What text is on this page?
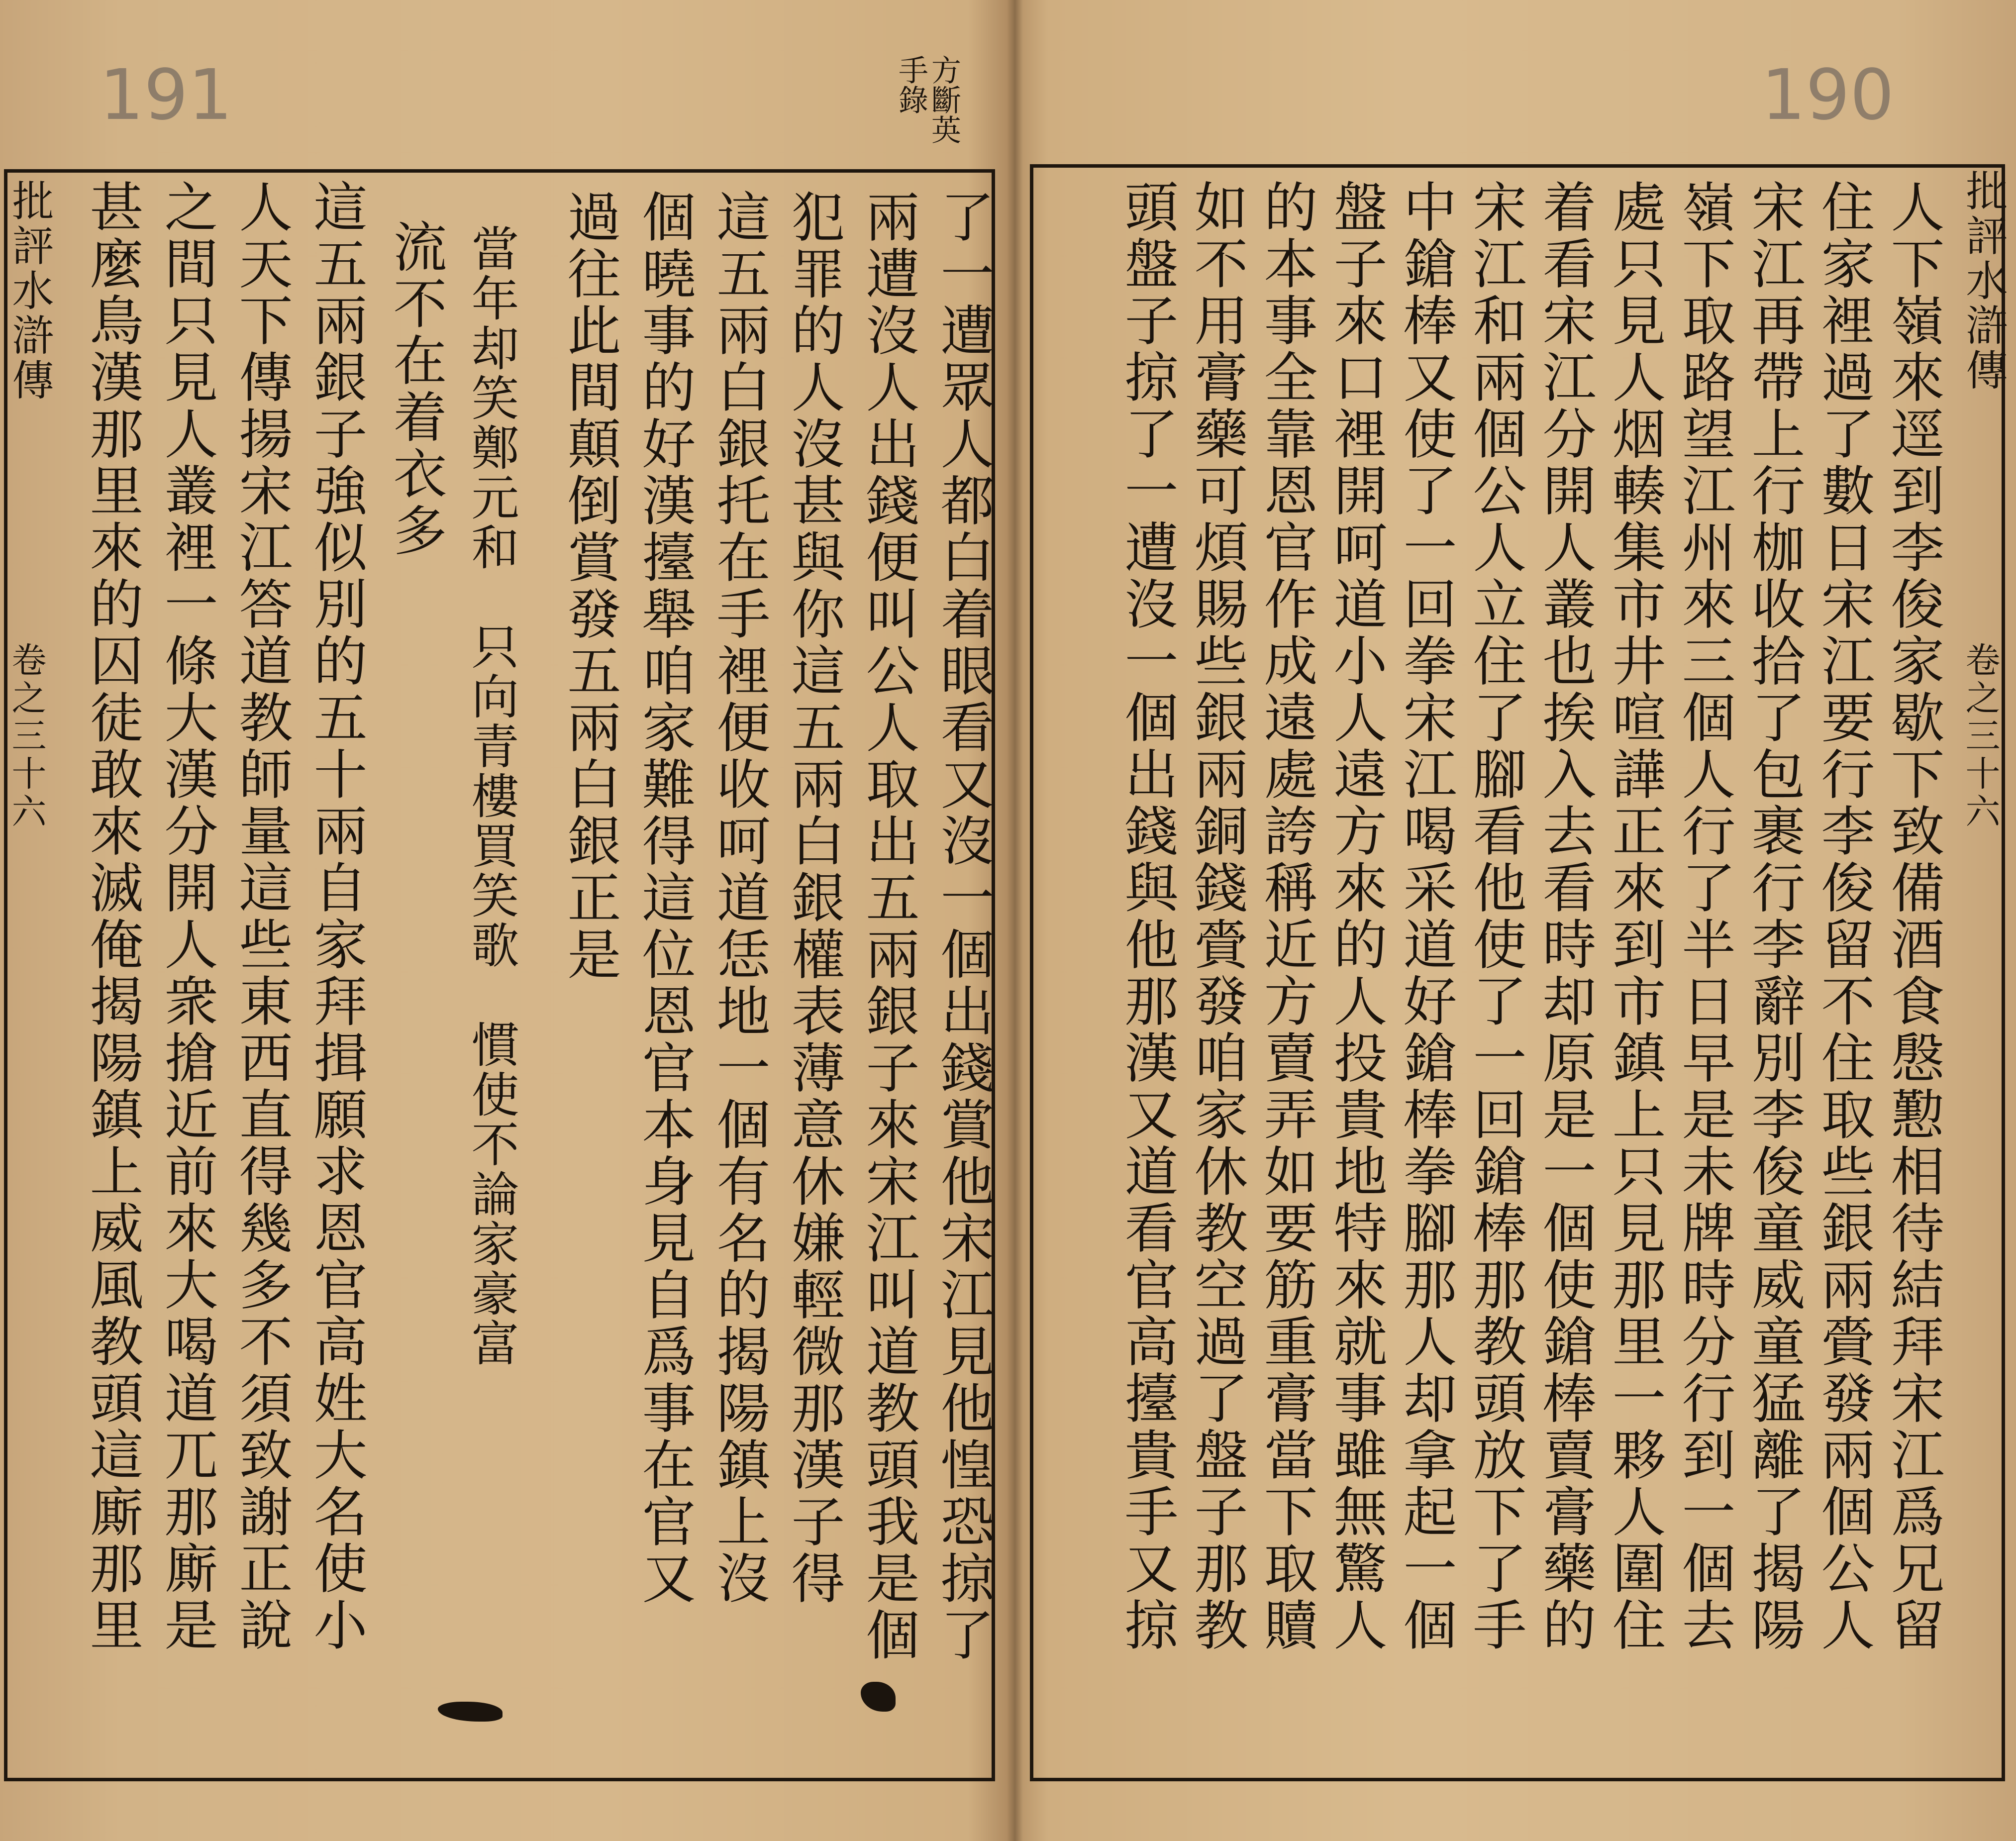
191	方斷英手錄
批評水滸傳
卷之三十六	了一遭眾人都白着眼看又沒一個出錢賞他宋江見他惶恐掠了
兩遭沒人出錢便叫公人取出五兩銀子來宋江叫道教頭我是個
犯罪的人沒甚與你這五兩白銀權表薄意休嫌輕微那漢子得
這五兩白銀托在手裡便收呵道恁地一個有名的揭陽鎮上沒
個曉事的好漢擡舉咱家難得這位恩官本身見自爲事在官又
過往此間顛倒賞發五兩白銀正是
當年却笑鄭元和　只向青樓買笑歌　慣使不論家豪富
流不在着衣多
這五兩銀子強似別的五十兩自家拜揖願求恩官高姓大名使小
人天下傳揚宋江答道教師量這些東西直得幾多不須致謝正說
之間只見人叢裡一條大漢分開人衆搶近前來大喝道兀那廝是
甚麼鳥漢那里來的囚徒敢來滅俺揭陽鎮上威風教頭這廝那里
190
批評水滸傳
卷之三十六
人下嶺來逕到李俊家歇下致備酒食慇懃相待結拜宋江爲兄留
住家裡過了數日宋江要行李俊留不住取些銀兩賫發兩個公人
宋江再帶上行枷收拾了包裹行李辭別李俊童威童猛離了揭陽
嶺下取路望江州來三個人行了半日早是未牌時分行到一個去
處只見人烟輳集市井喧譁正來到市鎮上只見那里一夥人圍住
着看宋江分開人叢也挨入去看時却原是一個使鎗棒賣膏藥的
宋江和兩個公人立住了腳看他使了一回鎗棒那教頭放下了手
中鎗棒又使了一回拳宋江喝采道好鎗棒拳腳那人却拿起一個
盤子來口裡開呵道小人遠方來的人投貴地特來就事雖無驚人
的本事全靠恩官作成遠處誇稱近方賣弄如要筋重膏當下取贖
如不用膏藥可煩賜些銀兩銅錢賫發咱家休教空過了盤子那教
頭盤子掠了一遭沒一個出錢與他那漢又道看官高擡貴手又掠
